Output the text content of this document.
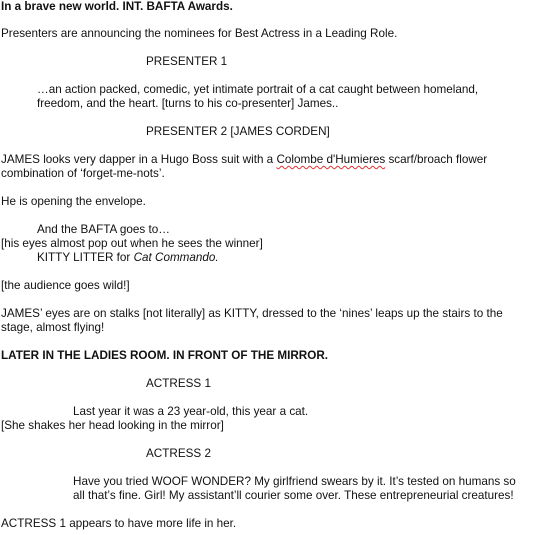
In a brave new world. INT. BAFTA Awards.
Presenters are announcing the nominees for Best Actress in a Leading Role.
PRESENTER 1
…an action packed, comedic, yet intimate portrait of a cat caught between homeland,
freedom, and the heart. [turns to his co-presenter] James..
PRESENTER 2 [JAMES CORDEN]
JAMES looks very dapper in a Hugo Boss suit with a Colombe d'Humieres scarf/broach flower
combination of ‘forget-me-nots’.
He is opening the envelope.
And the BAFTA goes to…
[his eyes almost pop out when he sees the winner]
KITTY LITTER for Cat Commando.
[the audience goes wild!]
JAMES’ eyes are on stalks [not literally] as KITTY, dressed to the ‘nines’ leaps up the stairs to the
stage, almost flying!
LATER IN THE LADIES ROOM. IN FRONT OF THE MIRROR.
ACTRESS 1
Last year it was a 23 year-old, this year a cat.
[She shakes her head looking in the mirror]
ACTRESS 2
Have you tried WOOF WONDER? My girlfriend swears by it. It’s tested on humans so
all that’s fine. Girl! My assistant’ll courier some over. These entrepreneurial creatures!
ACTRESS 1 appears to have more life in her.
